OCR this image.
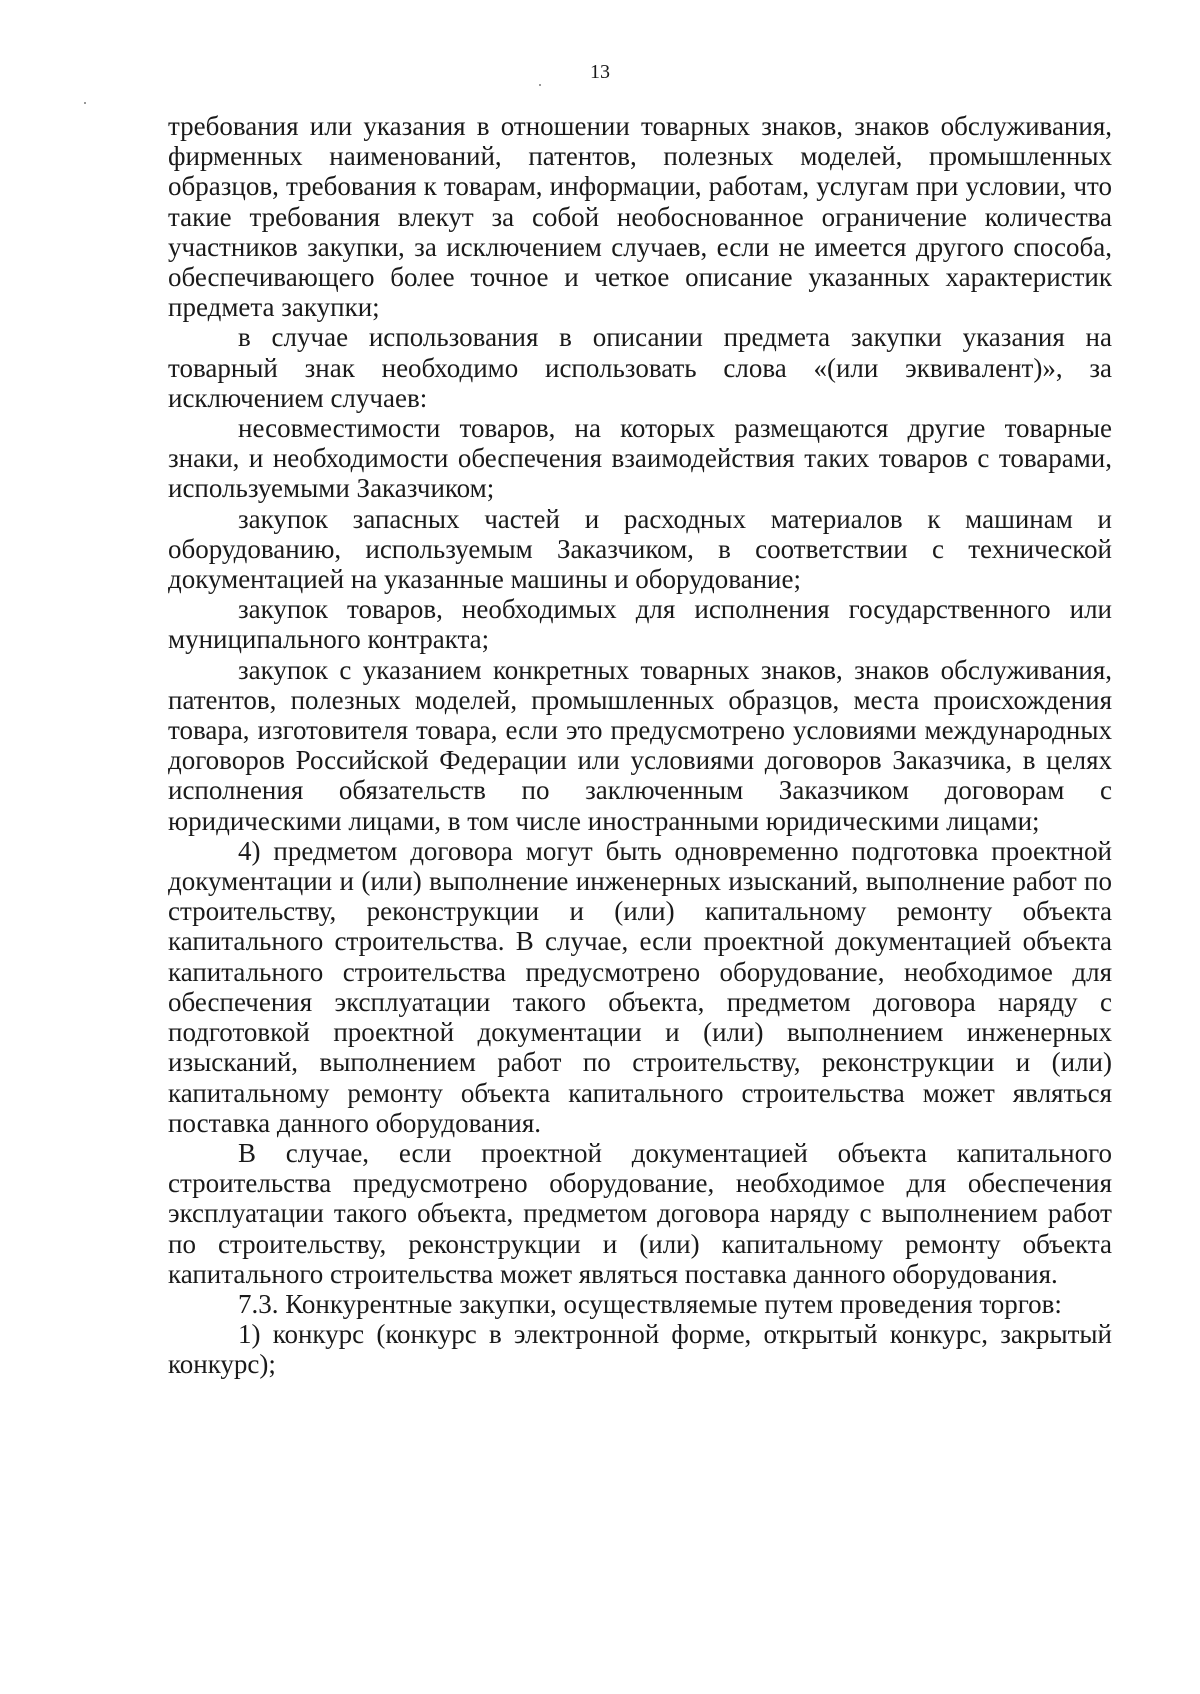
13

требования или указания в отношении товарных знаков, знаков обслуживания, фирменных наименований, патентов, полезных моделей, промышленных образцов, требования к товарам, информации, работам, услугам при условии, что такие требования влекут за собой необоснованное ограничение количества участников закупки, за исключением случаев, если не имеется другого способа, обеспечивающего более точное и четкое описание указанных характеристик предмета закупки;

в случае использования в описании предмета закупки указания на товарный знак необходимо использовать слова «(или эквивалент)», за исключением случаев:

несовместимости товаров, на которых размещаются другие товарные знаки, и необходимости обеспечения взаимодействия таких товаров с товарами, используемыми Заказчиком;

закупок запасных частей и расходных материалов к машинам и оборудованию, используемым Заказчиком, в соответствии с технической документацией на указанные машины и оборудование;

закупок товаров, необходимых для исполнения государственного или муниципального контракта;

закупок с указанием конкретных товарных знаков, знаков обслуживания, патентов, полезных моделей, промышленных образцов, места происхождения товара, изготовителя товара, если это предусмотрено условиями международных договоров Российской Федерации или условиями договоров Заказчика, в целях исполнения обязательств по заключенным Заказчиком договорам с юридическими лицами, в том числе иностранными юридическими лицами;

4) предметом договора могут быть одновременно подготовка проектной документации и (или) выполнение инженерных изысканий, выполнение работ по строительству, реконструкции и (или) капитальному ремонту объекта капитального строительства. В случае, если проектной документацией объекта капитального строительства предусмотрено оборудование, необходимое для обеспечения эксплуатации такого объекта, предметом договора наряду с подготовкой проектной документации и (или) выполнением инженерных изысканий, выполнением работ по строительству, реконструкции и (или) капитальному ремонту объекта капитального строительства может являться поставка данного оборудования.

В случае, если проектной документацией объекта капитального строительства предусмотрено оборудование, необходимое для обеспечения эксплуатации такого объекта, предметом договора наряду с выполнением работ по строительству, реконструкции и (или) капитальному ремонту объекта капитального строительства может являться поставка данного оборудования.

7.3. Конкурентные закупки, осуществляемые путем проведения торгов:

1) конкурс (конкурс в электронной форме, открытый конкурс, закрытый конкурс);
